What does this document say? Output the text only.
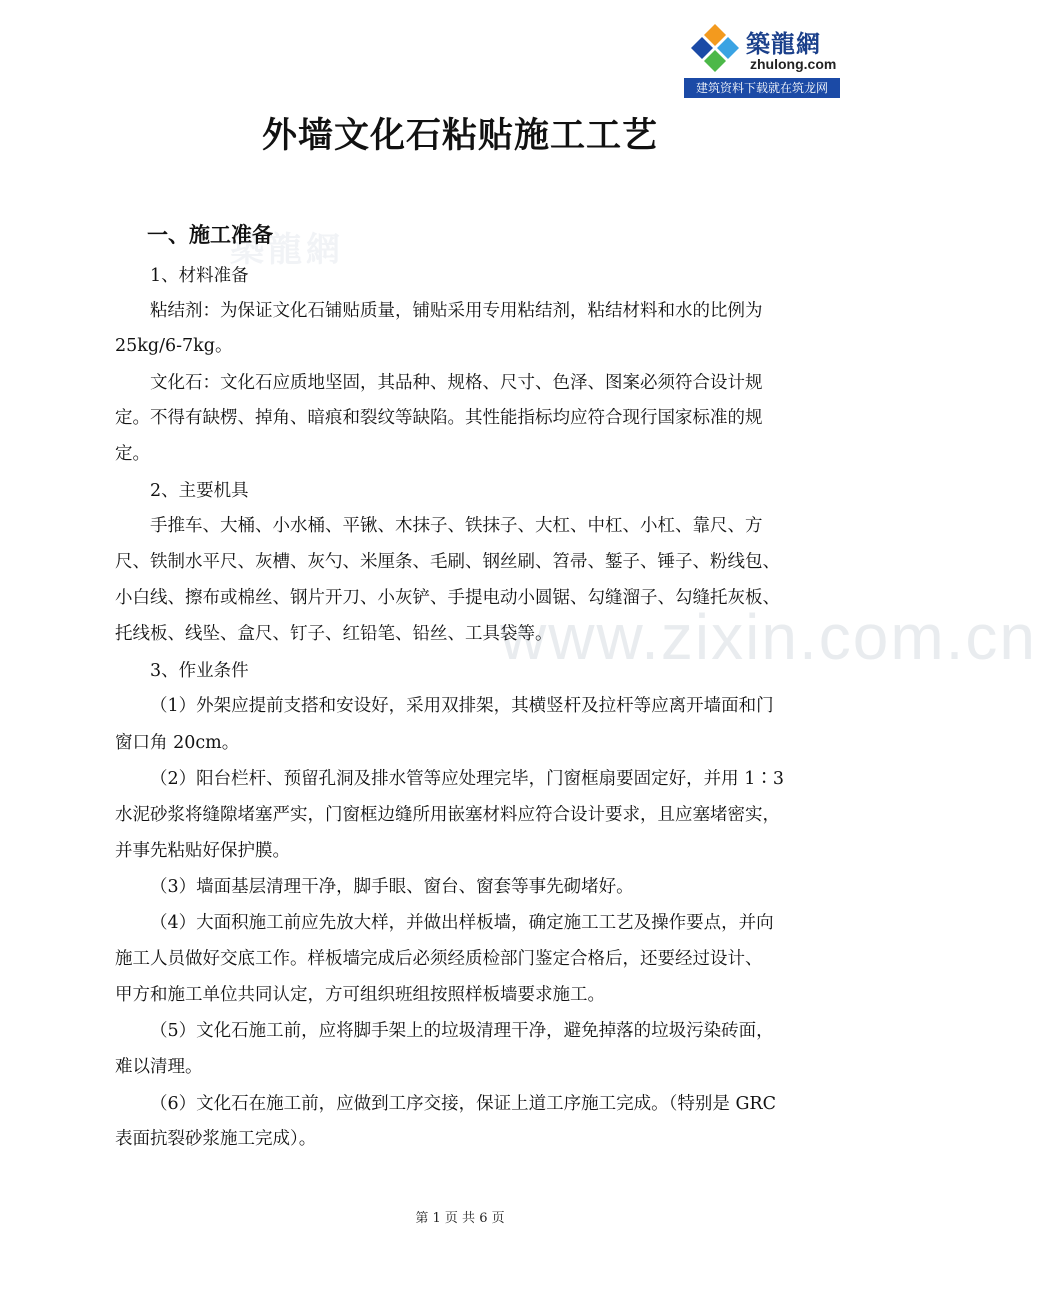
築龍網
zhulong.com
建筑资料下载就在筑龙网
築龍網
www.zixin.com.cn
外墙文化石粘贴施工工艺
一、施工准备
1、材料准备
粘结剂：为保证文化石铺贴质量，铺贴采用专用粘结剂，粘结材料和水的比例为
25kg/6-7kg。
文化石：文化石应质地坚固，其品种、规格、尺寸、色泽、图案必须符合设计规
定。不得有缺楞、掉角、暗痕和裂纹等缺陷。其性能指标均应符合现行国家标准的规
定。
2、主要机具
手推车、大桶、小水桶、平锹、木抹子、铁抹子、大杠、中杠、小杠、靠尺、方
尺、铁制水平尺、灰槽、灰勺、米厘条、毛刷、钢丝刷、笤帚、錾子、锤子、粉线包、
小白线、擦布或棉丝、钢片开刀、小灰铲、手提电动小圆锯、勾缝溜子、勾缝托灰板、
托线板、线坠、盒尺、钉子、红铅笔、铅丝、工具袋等。
3、作业条件
（1）外架应提前支搭和安设好，采用双排架，其横竖杆及拉杆等应离开墙面和门
窗口角 20cm。
（2）阳台栏杆、预留孔洞及排水管等应处理完毕，门窗框扇要固定好，并用 1∶3
水泥砂浆将缝隙堵塞严实，门窗框边缝所用嵌塞材料应符合设计要求，且应塞堵密实，
并事先粘贴好保护膜。
（3）墙面基层清理干净，脚手眼、窗台、窗套等事先砌堵好。
（4）大面积施工前应先放大样，并做出样板墙，确定施工工艺及操作要点，并向
施工人员做好交底工作。样板墙完成后必须经质检部门鉴定合格后，还要经过设计、
甲方和施工单位共同认定，方可组织班组按照样板墙要求施工。
（5）文化石施工前，应将脚手架上的垃圾清理干净，避免掉落的垃圾污染砖面，
难以清理。
（6）文化石在施工前，应做到工序交接，保证上道工序施工完成。（特别是 GRC
表面抗裂砂浆施工完成）。
第 1 页 共 6 页
